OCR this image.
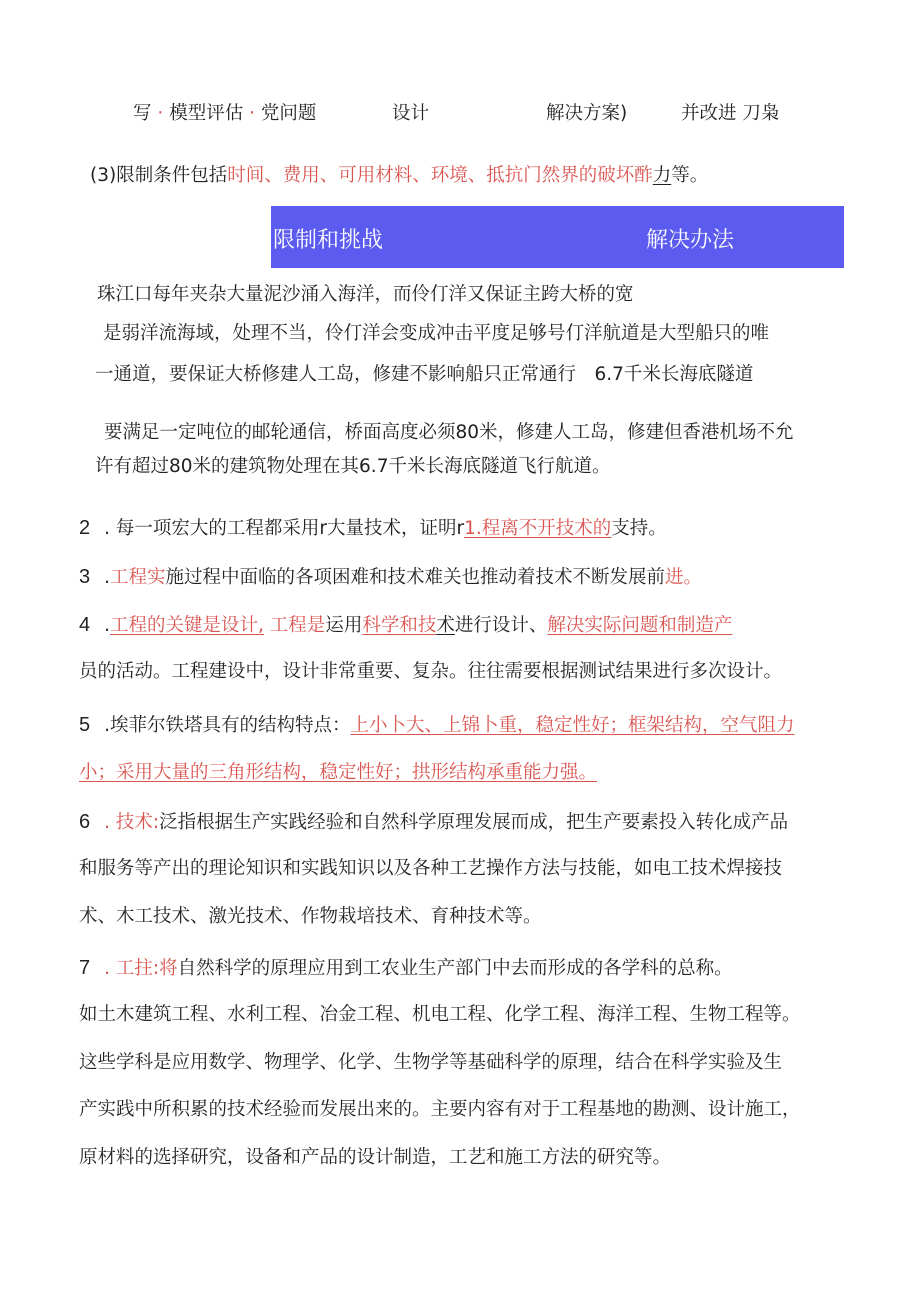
写 · 模型评估 · 党问题	设计	解决方案)	并改进 刀枭
(3)限制条件包括时间、费用、可用材料、环境、抵抗门然界的破坏酢力等。
限制和挑战	解决办法
珠江口每年夹杂大量泥沙涌入海洋，而伶仃洋又保证主跨大桥的宽
是弱洋流海域，处理不当，伶仃洋会变成冲击平度足够号仃洋航道是大型船只的唯
一通道，要保证大桥修建人工岛，修建不影响船只正常通行　6.7千米长海底隧道
要满足一定吨位的邮轮通信，桥面高度必须80米，修建人工岛，修建但香港机场不允
许有超过80米的建筑物处理在其6.7千米长海底隧道飞行航道。
2 . 每一项宏大的工程都采用r大量技术，证明r1.程离不开技术的支持。
3 .工程实施过程中面临的各项困难和技术难关也推动着技术不断发展前进。
4 .工程的关键是设计, 工程是运用科学和技术进行设计、解决实际问题和制造产
员的活动。工程建设中，设计非常重要、复杂。往往需要根据测试结果进行多次设计。
5 .埃菲尔铁塔具有的结构特点：上小卜大、上锦卜重，稳定性好；框架结构，空气阻力
小；采用大量的三角形结构，稳定性好；拱形结构承重能力强。
6 . 技术:泛指根据生产实践经验和自然科学原理发展而成，把生产要素投入转化成产品
和服务等产出的理论知识和实践知识以及各种工艺操作方法与技能，如电工技术焊接技
术、木工技术、激光技术、作物栽培技术、育种技术等。
7 . 工拄:将自然科学的原理应用到工农业生产部门中去而形成的各学科的总称。
如土木建筑工程、水利工程、冶金工程、机电工程、化学工程、海洋工程、生物工程等。
这些学科是应用数学、物理学、化学、生物学等基础科学的原理，结合在科学实验及生
产实践中所积累的技术经验而发展出来的。主要内容有对于工程基地的勘测、设计施工，
原材料的选择研究，设备和产品的设计制造，工艺和施工方法的研究等。
